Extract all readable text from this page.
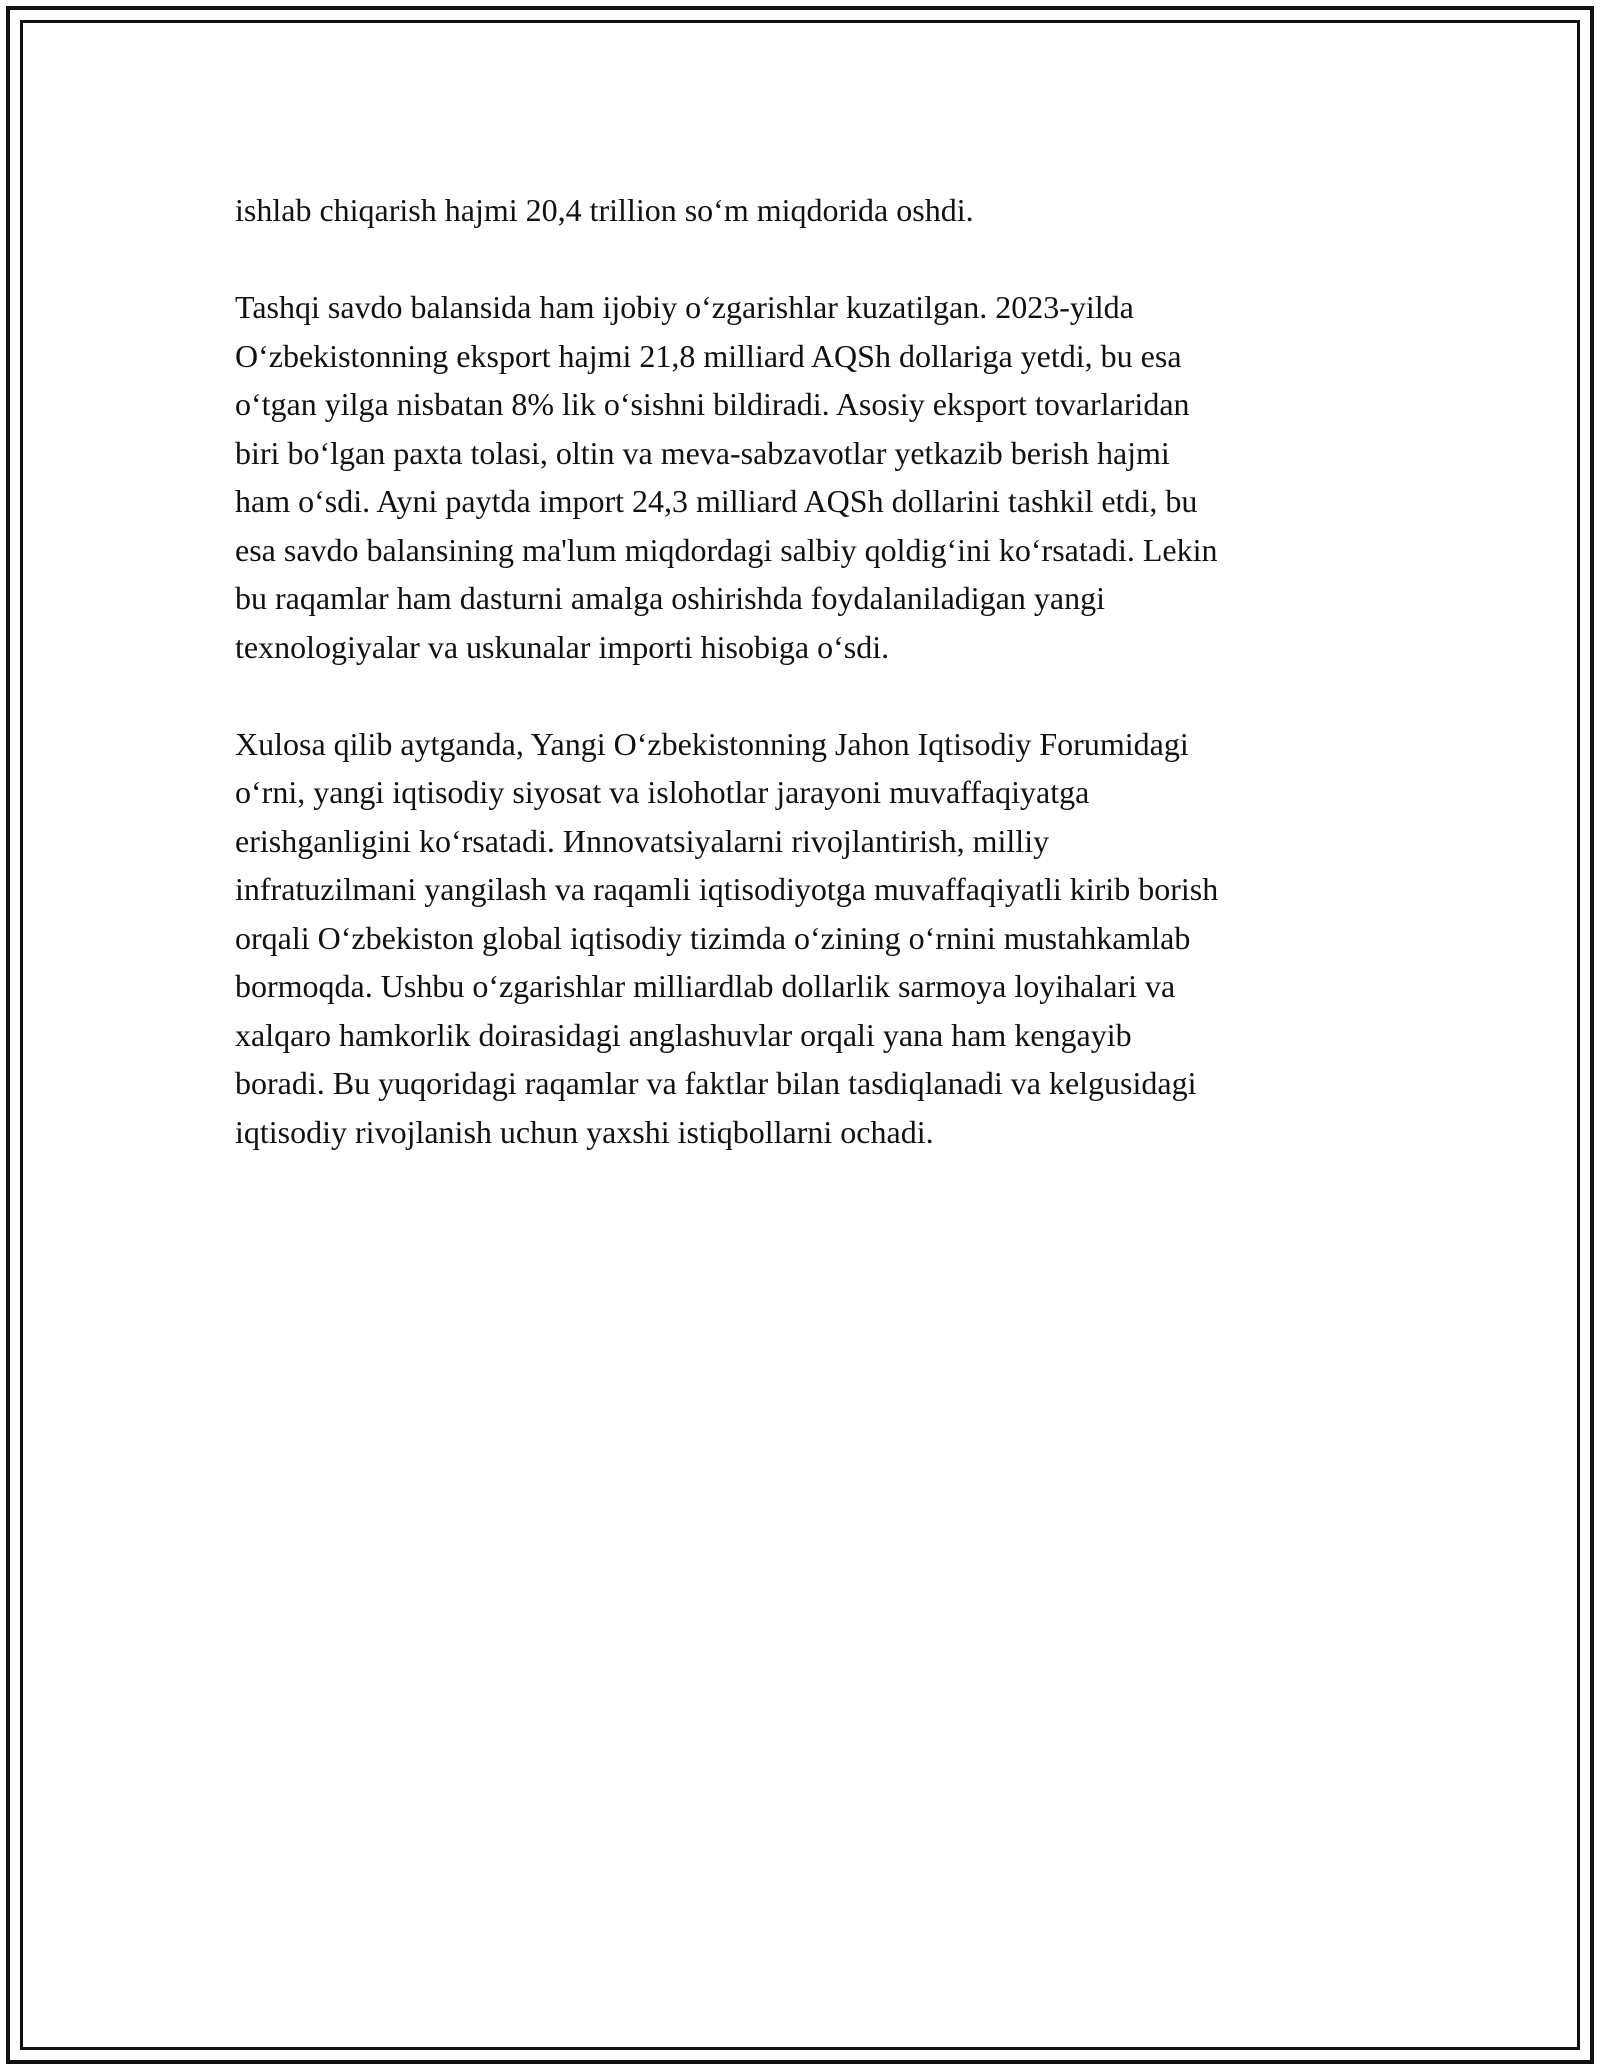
ishlab chiqarish hajmi 20,4 trillion so‘m miqdorida oshdi.

Tashqi savdo balansida ham ijobiy o‘zgarishlar kuzatilgan. 2023-yilda
O‘zbekistonning eksport hajmi 21,8 milliard AQSh dollariga yetdi, bu esa
o‘tgan yilga nisbatan 8% lik o‘sishni bildiradi. Asosiy eksport tovarlaridan
biri bo‘lgan paxta tolasi, oltin va meva-sabzavotlar yetkazib berish hajmi
ham o‘sdi. Ayni paytda import 24,3 milliard AQSh dollarini tashkil etdi, bu
esa savdo balansining ma'lum miqdordagi salbiy qoldig‘ini ko‘rsatadi. Lekin
bu raqamlar ham dasturni amalga oshirishda foydalaniladigan yangi
texnologiyalar va uskunalar importi hisobiga o‘sdi.

Xulosa qilib aytganda, Yangi O‘zbekistonning Jahon Iqtisodiy Forumidagi
o‘rni, yangi iqtisodiy siyosat va islohotlar jarayoni muvaffaqiyatga
erishganligini ko‘rsatadi. Иnnovatsiyalarni rivojlantirish, milliy
infratuzilmani yangilash va raqamli iqtisodiyotga muvaffaqiyatli kirib borish
orqali O‘zbekiston global iqtisodiy tizimda o‘zining o‘rnini mustahkamlab
bormoqda. Ushbu o‘zgarishlar milliardlab dollarlik sarmoya loyihalari va
xalqaro hamkorlik doirasidagi anglashuvlar orqali yana ham kengayib
boradi. Bu yuqoridagi raqamlar va faktlar bilan tasdiqlanadi va kelgusidagi
iqtisodiy rivojlanish uchun yaxshi istiqbollarni ochadi.
